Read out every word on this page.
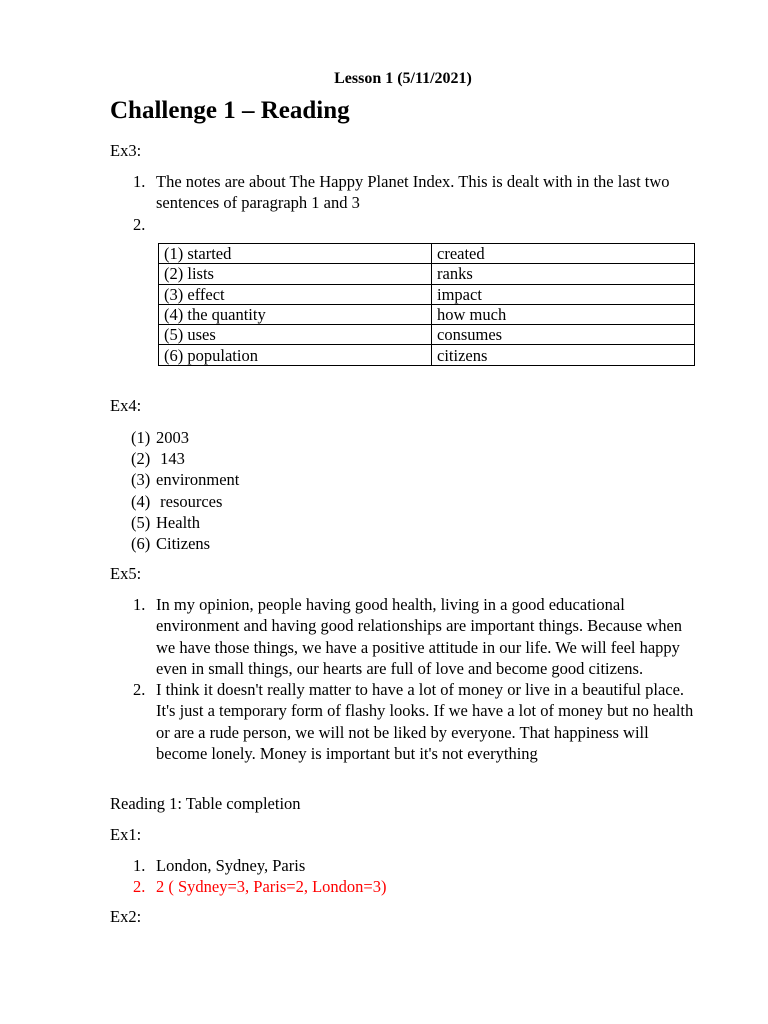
Lesson 1 (5/11/2021)
Challenge 1 – Reading
Ex3:
1. The notes are about The Happy Planet Index. This is dealt with in the last two sentences of paragraph 1 and 3
2.
(1) started	created
(2) lists	ranks
(3) effect	impact
(4) the quantity	how much
(5) uses	consumes
(6) population	citizens
Ex4:
(1) 2003
(2) 143
(3) environment
(4) resources
(5) Health
(6) Citizens
Ex5:
1. In my opinion, people having good health, living in a good educational environment and having good relationships are important things. Because when we have those things, we have a positive attitude in our life. We will feel happy even in small things, our hearts are full of love and become good citizens.
2. I think it doesn't really matter to have a lot of money or live in a beautiful place. It's just a temporary form of flashy looks. If we have a lot of money but no health or are a rude person, we will not be liked by everyone. That happiness will become lonely. Money is important but it's not everything
Reading 1: Table completion
Ex1:
1. London, Sydney, Paris
2. 2 ( Sydney=3, Paris=2, London=3)
Ex2:
